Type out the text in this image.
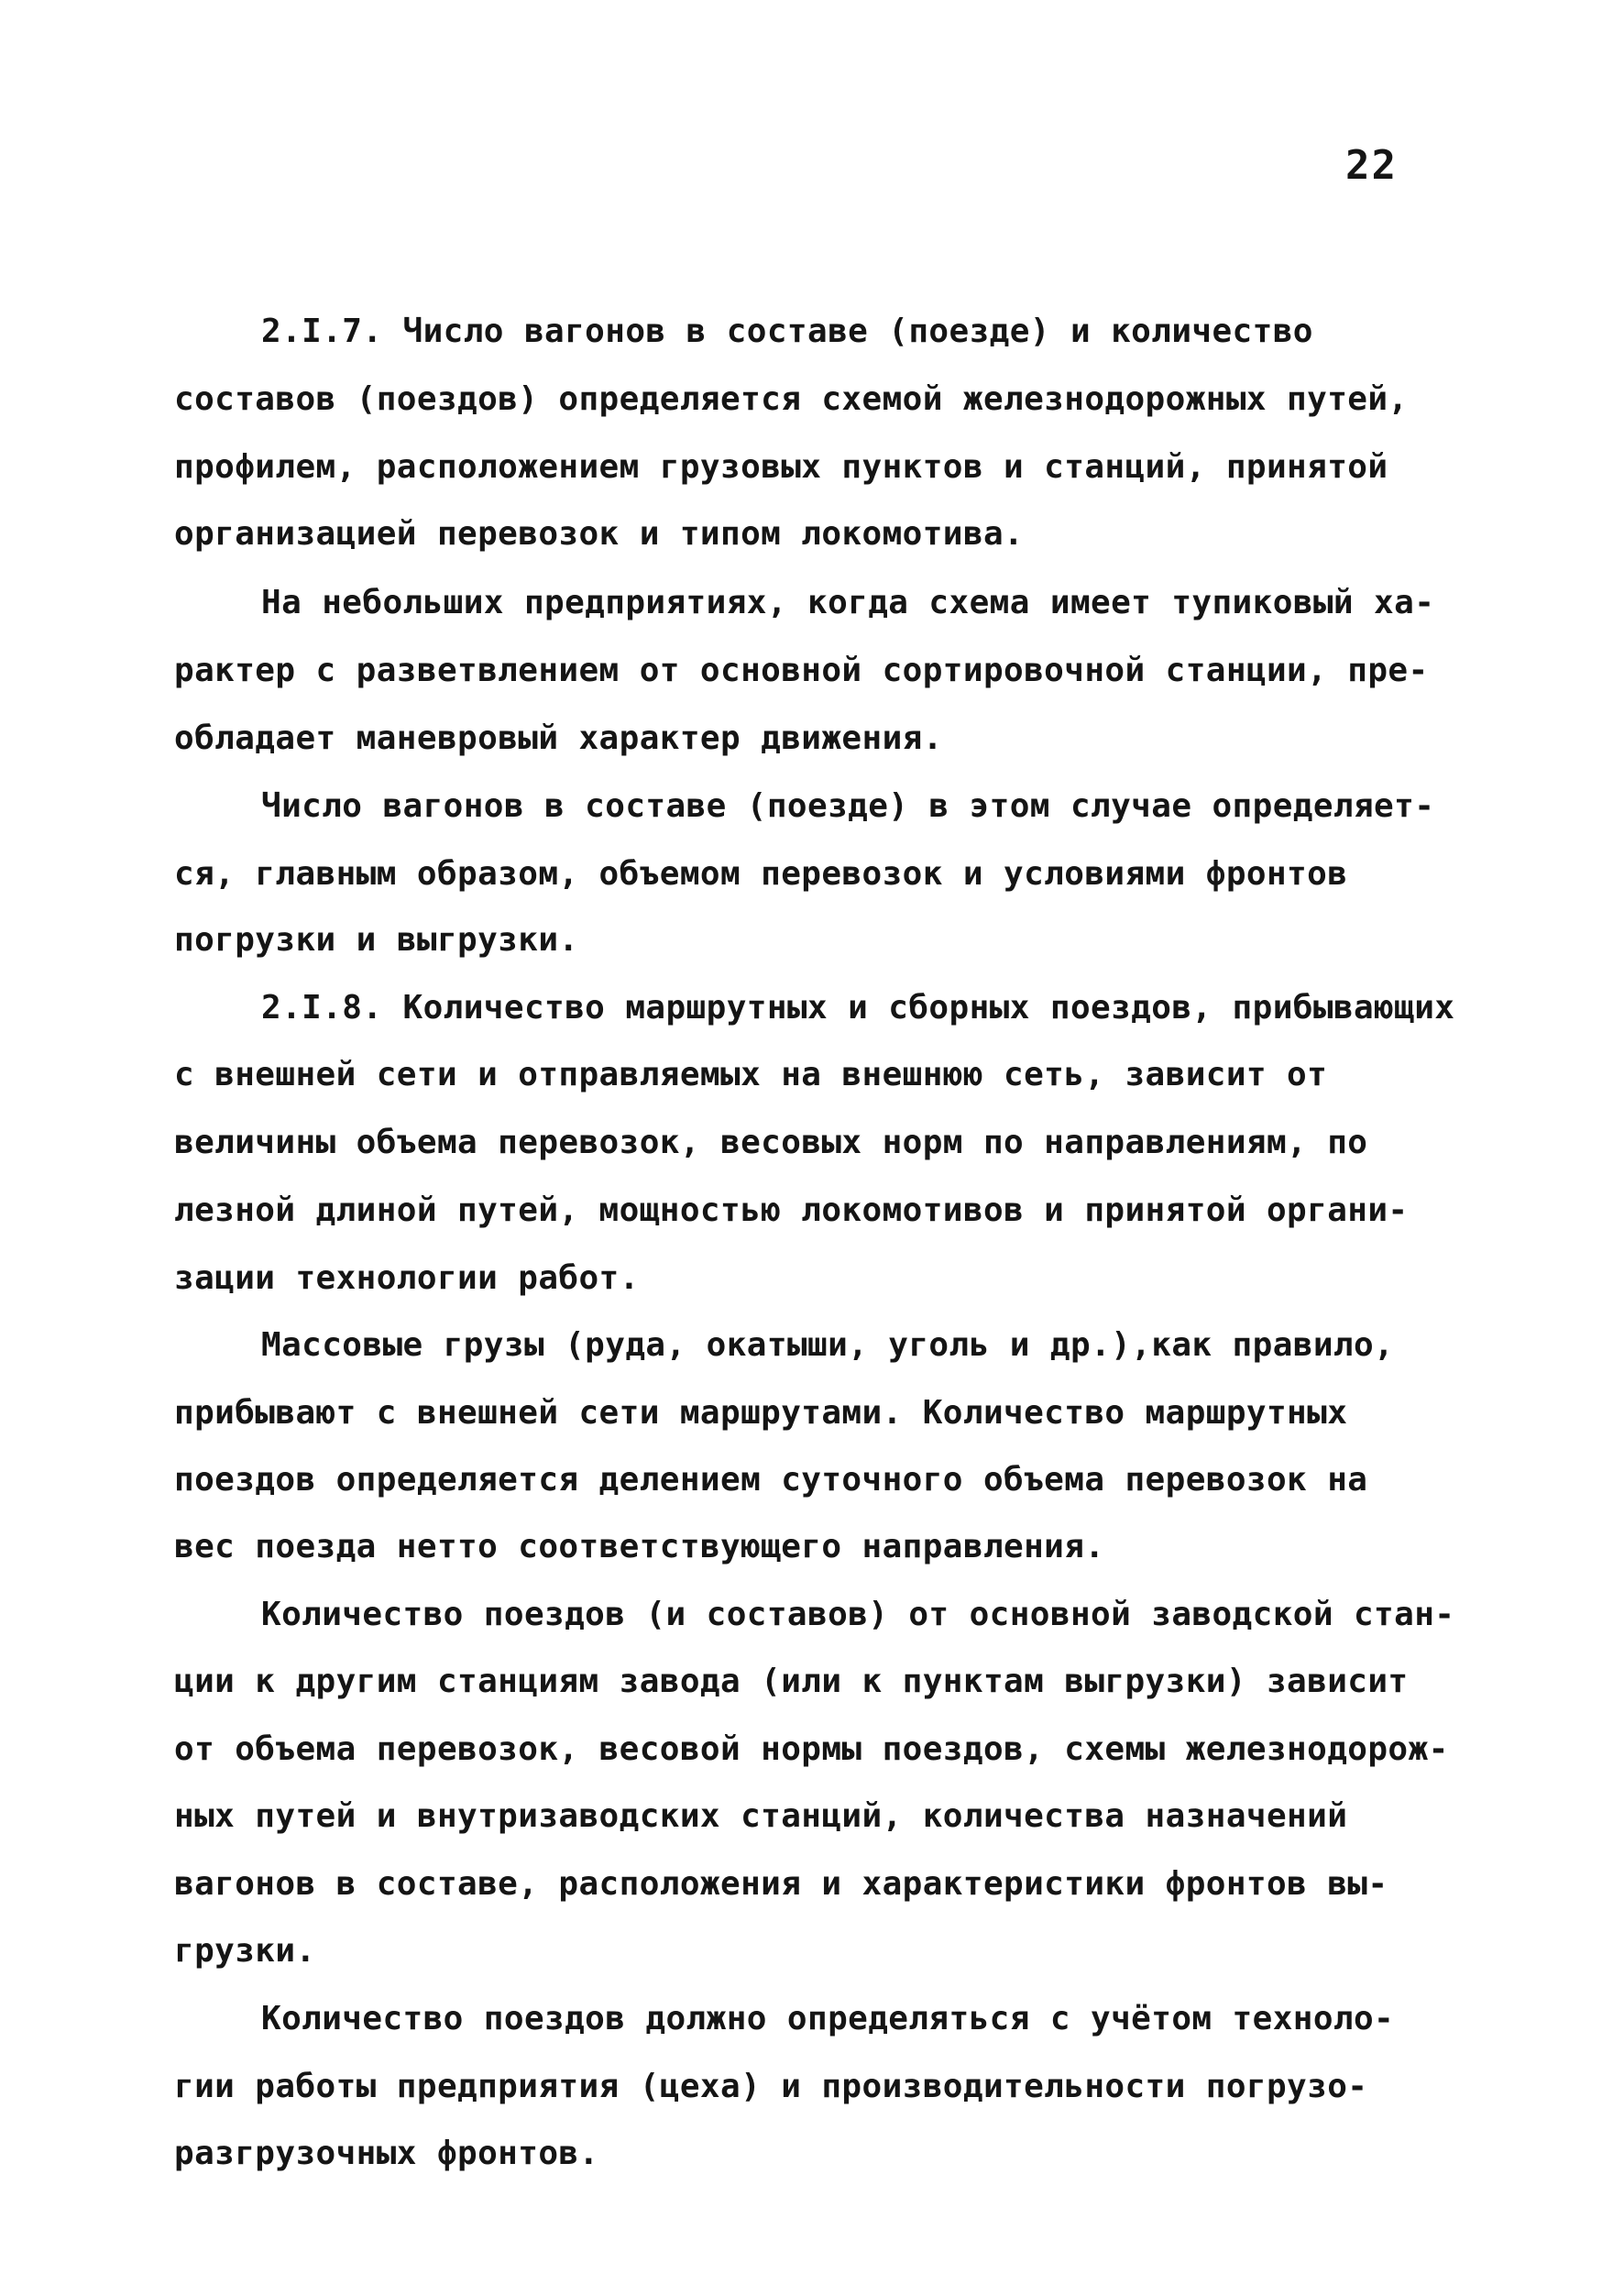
22
2.I.7. Число вагонов в составе (поезде) и количество
составов (поездов) определяется схемой железнодорожных путей,
профилем, расположением грузовых пунктов и станций, принятой
организацией перевозок и типом локомотива.
На небольших предприятиях, когда схема имеет тупиковый ха-
рактер с разветвлением от основной сортировочной станции, пре-
обладает маневровый характер движения.
Число вагонов в составе (поезде) в этом случае определяет-
ся, главным образом, объемом перевозок и условиями фронтов
погрузки и выгрузки.
2.I.8. Количество маршрутных и сборных поездов, прибывающих
с внешней сети и отправляемых на внешнюю сеть, зависит от
величины объема перевозок, весовых норм по направлениям, по
лезной длиной путей, мощностью локомотивов и принятой органи-
зации технологии работ.
Массовые грузы (руда, окатыши, уголь и др.),как правило,
прибывают с внешней сети маршрутами. Количество маршрутных
поездов определяется делением суточного объема перевозок на
вес поезда нетто соответствующего направления.
Количество поездов (и составов) от основной заводской стан-
ции к другим станциям завода (или к пунктам выгрузки) зависит
от объема перевозок, весовой нормы поездов, схемы железнодорож-
ных путей и внутризаводских станций, количества назначений
вагонов в составе, расположения и характеристики фронтов вы-
грузки.
Количество поездов должно определяться с учётом техноло-
гии работы предприятия (цеха) и производительности погрузо-
разгрузочных фронтов.
